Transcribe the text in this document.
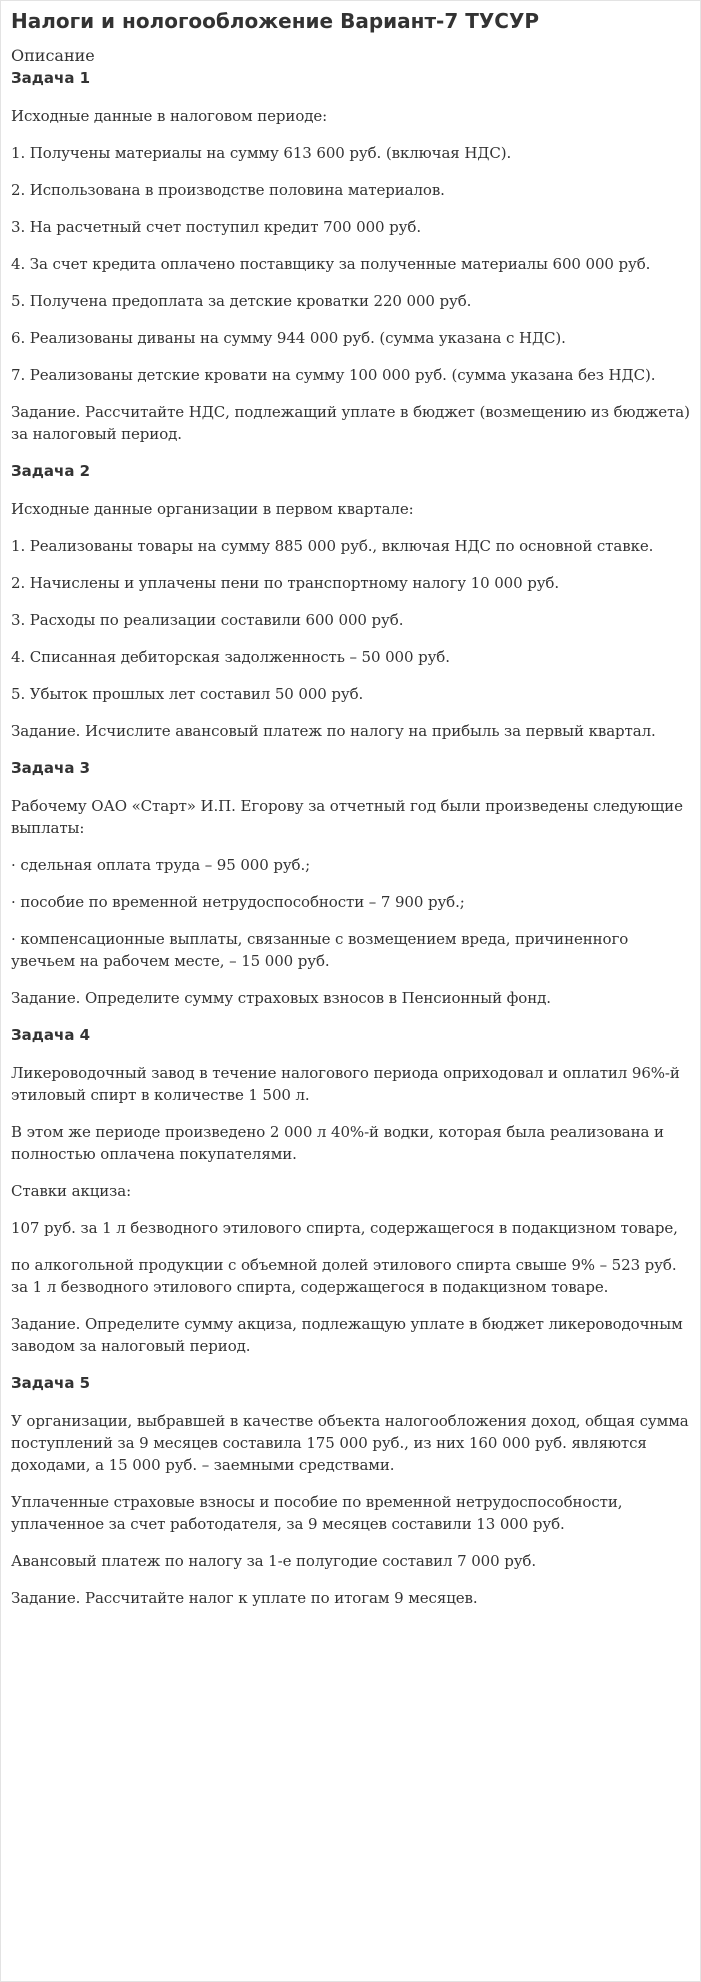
Налоги и нологообложение Вариант-7 ТУСУР
Описание
Задача 1

Исходные данные в налоговом периоде:

1. Получены материалы на сумму 613 600 руб. (включая НДС).

2. Использована в производстве половина материалов.

3. На расчетный счет поступил кредит 700 000 руб.

4. За счет кредита оплачено поставщику за полученные материалы 600 000 руб.

5. Получена предоплата за детские кроватки 220 000 руб.

6. Реализованы диваны на сумму 944 000 руб. (сумма указана с НДС).

7. Реализованы детские кровати на сумму 100 000 руб. (сумма указана без НДС).

Задание. Рассчитайте НДС, подлежащий уплате в бюджет (возмещению из бюджета) за налоговый период.

Задача 2

Исходные данные организации в первом квартале:

1. Реализованы товары на сумму 885 000 руб., включая НДС по основной ставке.

2. Начислены и уплачены пени по транспортному налогу 10 000 руб.

3. Расходы по реализации составили 600 000 руб.

4. Списанная дебиторская задолженность – 50 000 руб.

5. Убыток прошлых лет составил 50 000 руб.

Задание. Исчислите авансовый платеж по налогу на прибыль за первый квартал.

Задача 3

Рабочему ОАО «Старт» И.П. Егорову за отчетный год были произведены следующие выплаты:

· сдельная оплата труда – 95 000 руб.;

· пособие по временной нетрудоспособности – 7 900 руб.;

· компенсационные выплаты, связанные с возмещением вреда, причиненного увечьем на рабочем месте, – 15 000 руб.

Задание. Определите сумму страховых взносов в Пенсионный фонд.

Задача 4

Ликероводочный завод в течение налогового периода оприходовал и оплатил 96%-й этиловый спирт в количестве 1 500 л.

В этом же периоде произведено 2 000 л 40%-й водки, которая была реализована и полностью оплачена покупателями.

Ставки акциза:

107 руб. за 1 л безводного этилового спирта, содержащегося в подакцизном товаре,

по алкогольной продукции с объемной долей этилового спирта свыше 9% – 523 руб. за 1 л безводного этилового спирта, содержащегося в подакцизном товаре.

Задание. Определите сумму акциза, подлежащую уплате в бюджет ликероводочным заводом за налоговый период.

Задача 5

У организации, выбравшей в качестве объекта налогообложения доход, общая сумма поступлений за 9 месяцев составила 175 000 руб., из них 160 000 руб. являются доходами, а 15 000 руб. – заемными средствами.

Уплаченные страховые взносы и пособие по временной нетрудоспособности, уплаченное за счет работодателя, за 9 месяцев составили 13 000 руб.

Авансовый платеж по налогу за 1-е полугодие составил 7 000 руб.

Задание. Рассчитайте налог к уплате по итогам 9 месяцев.
